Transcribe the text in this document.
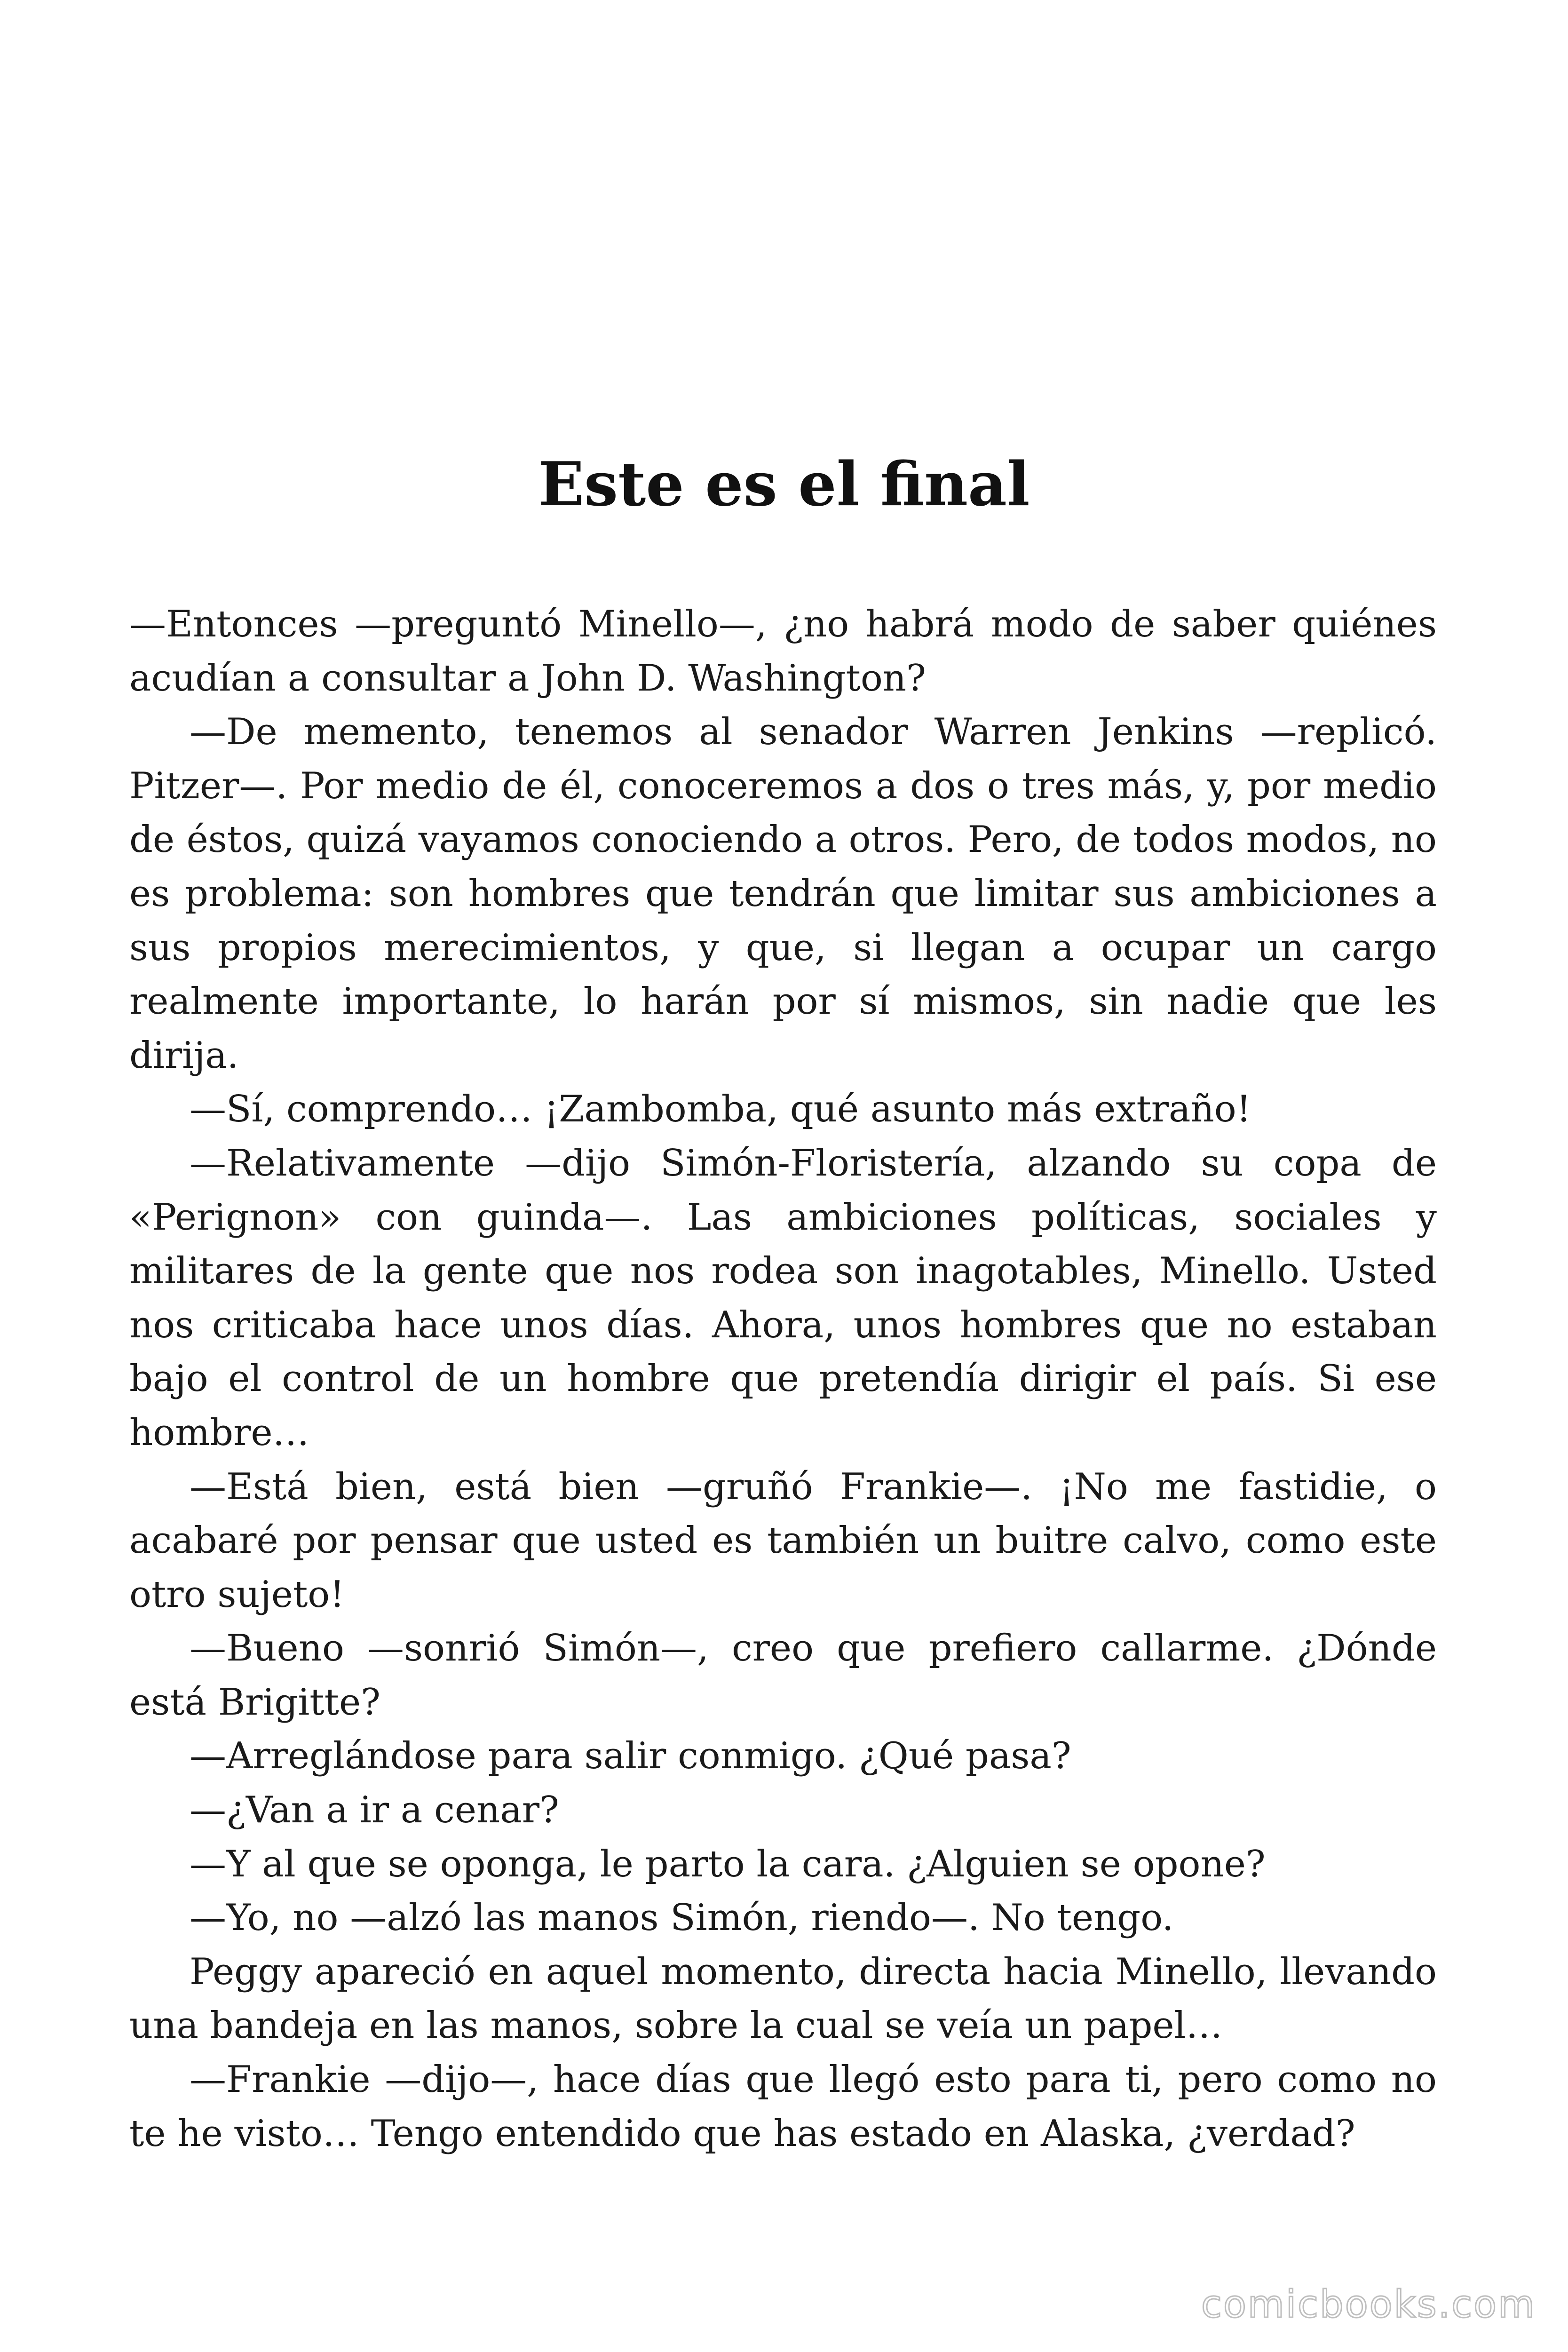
Este es el final

—Entonces —preguntó Minello—, ¿no habrá modo de saber quiénes acudían a consultar a John D. Washington?

—De memento, tenemos al senador Warren Jenkins —replicó. Pitzer—. Por medio de él, conoceremos a dos o tres más, y, por medio de éstos, quizá vayamos conociendo a otros. Pero, de todos modos, no es problema: son hombres que tendrán que limitar sus ambiciones a sus propios merecimientos, y que, si llegan a ocupar un cargo realmente importante, lo harán por sí mismos, sin nadie que les dirija.

—Sí, comprendo… ¡Zambomba, qué asunto más extraño!

—Relativamente —dijo Simón-Floristería, alzando su copa de «Perignon» con guinda—. Las ambiciones políticas, sociales y militares de la gente que nos rodea son inagotables, Minello. Usted nos criticaba hace unos días. Ahora, unos hombres que no estaban bajo el control de un hombre que pretendía dirigir el país. Si ese hombre…

—Está bien, está bien —gruñó Frankie—. ¡No me fastidie, o acabaré por pensar que usted es también un buitre calvo, como este otro sujeto!

—Bueno —sonrió Simón—, creo que prefiero callarme. ¿Dónde está Brigitte?

—Arreglándose para salir conmigo. ¿Qué pasa?

—¿Van a ir a cenar?

—Y al que se oponga, le parto la cara. ¿Alguien se opone?

—Yo, no —alzó las manos Simón, riendo—. No tengo.

Peggy apareció en aquel momento, directa hacia Minello, llevando una bandeja en las manos, sobre la cual se veía un papel…

—Frankie —dijo—, hace días que llegó esto para ti, pero como no te he visto… Tengo entendido que has estado en Alaska, ¿verdad?

comicbooks.com
